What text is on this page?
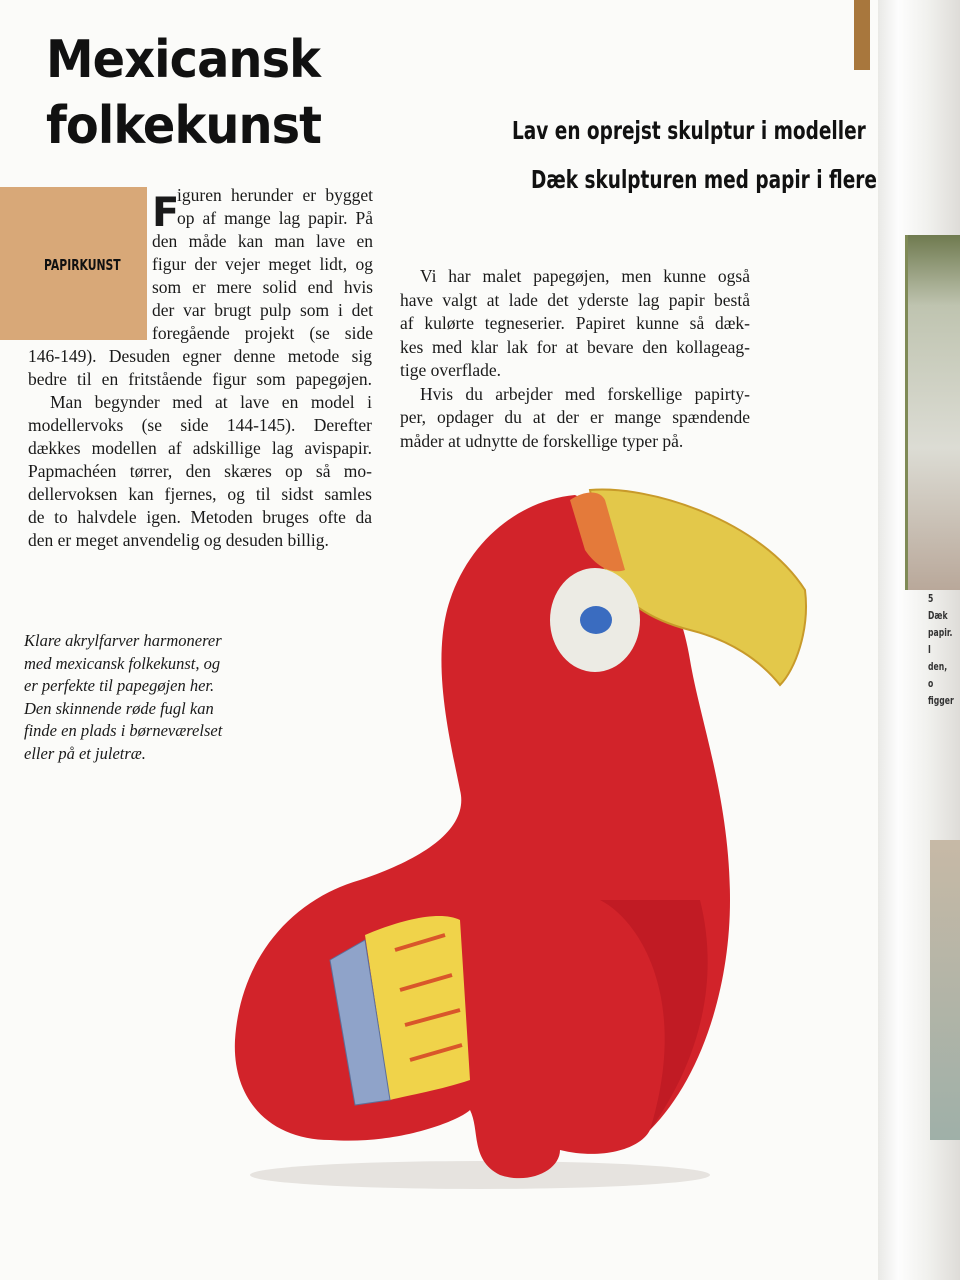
5 Dæk
papir. I
den, o
figger
Mexicansk
folkekunst
PAPIRKUNST
F
iguren herunder er bygget
op af mange lag papir. På
den måde kan man lave en
figur der vejer meget lidt, og
som er mere solid end hvis
der var brugt pulp som i det
foregående projekt (se side
146-149). Desuden egner denne metode sig
bedre til en fritstående figur som papegøjen.
Man begynder med at lave en model i
modellervoks (se side 144-145). Derefter
dækkes modellen af adskillige lag avispapir.
Papmachéen tørrer, den skæres op så mo-
dellervoksen kan fjernes, og til sidst samles
de to halvdele igen. Metoden bruges ofte da
den er meget anvendelig og desuden billig.
Lav en oprejst skulptur i modeller
Dæk skulpturen med papir i flere
Vi har malet papegøjen, men kunne også
have valgt at lade det yderste lag papir bestå
af kulørte tegneserier. Papiret kunne så dæk-
kes med klar lak for at bevare den kollageag-
tige overflade.
Hvis du arbejder med forskellige papirty-
per, opdager du at der er mange spændende
måder at udnytte de forskellige typer på.
Klare akrylfarver harmonerer
med mexicansk folkekunst, og
er perfekte til papegøjen her.
Den skinnende røde fugl kan
finde en plads i børneværelset
eller på et juletræ.
